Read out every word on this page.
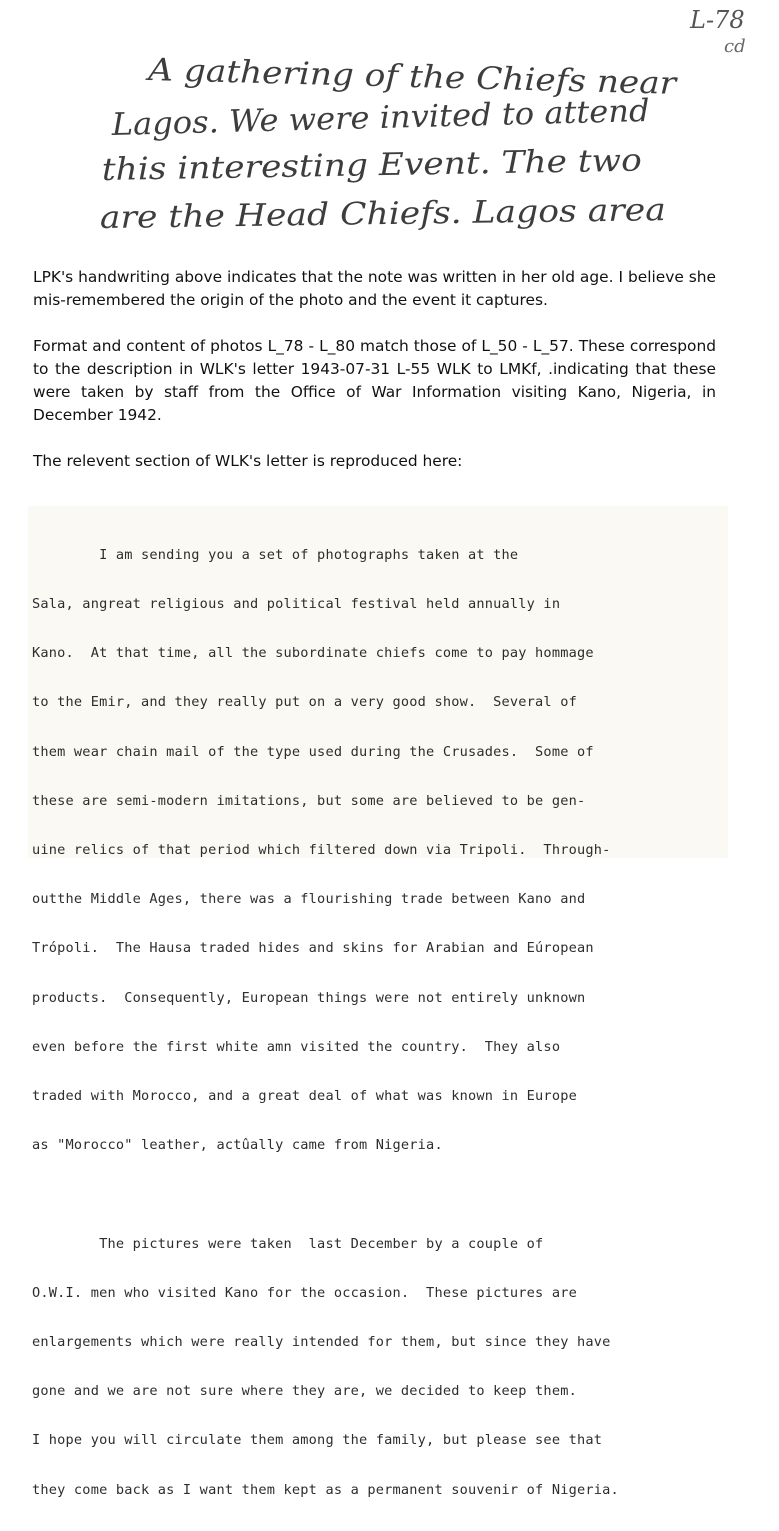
L-78
cd
A gathering of the Chiefs near
Lagos. We were invited to attend
this interesting Event. The two
are the Head Chiefs. Lagos area

LPK's handwriting above indicates that the note was written in her old age. I believe she mis-remembered the origin of the photo and the event it captures.

Format and content of photos L_78 - L_80 match those of L_50 - L_57. These correspond to the description in WLK's letter 1943-07-31 L-55 WLK to LMKf, .indicating that these were taken by staff from the Office of War Information visiting Kano, Nigeria, in December 1942.

The relevent section of WLK's letter is reproduced here:

I am sending you a set of photographs taken at the

Sala, angreat religious and political festival held annually in

Kano.  At that time, all the subordinate chiefs come to pay hommage

to the Emir, and they really put on a very good show.  Several of

them wear chain mail of the type used during the Crusades.  Some of

these are semi-modern imitations, but some are believed to be gen-

uine relics of that period which filtered down via Tripoli.  Through-

outthe Middle Ages, there was a flourishing trade between Kano and

Trópoli.  The Hausa traded hides and skins for Arabian and Eúropean

products.  Consequently, European things were not entirely unknown

even before the first white amn visited the country.  They also

traded with Morocco, and a great deal of what was known in Europe

as "Morocco" leather, actûally came from Nigeria.

The pictures were taken  last December by a couple of

O.W.I. men who visited Kano for the occasion.  These pictures are

enlargements which were really intended for them, but since they have

gone and we are not sure where they are, we decided to keep them.

I hope you will circulate them among the family, but please see that

they come back as I want them kept as a permanent souvenir of Nigeria.
